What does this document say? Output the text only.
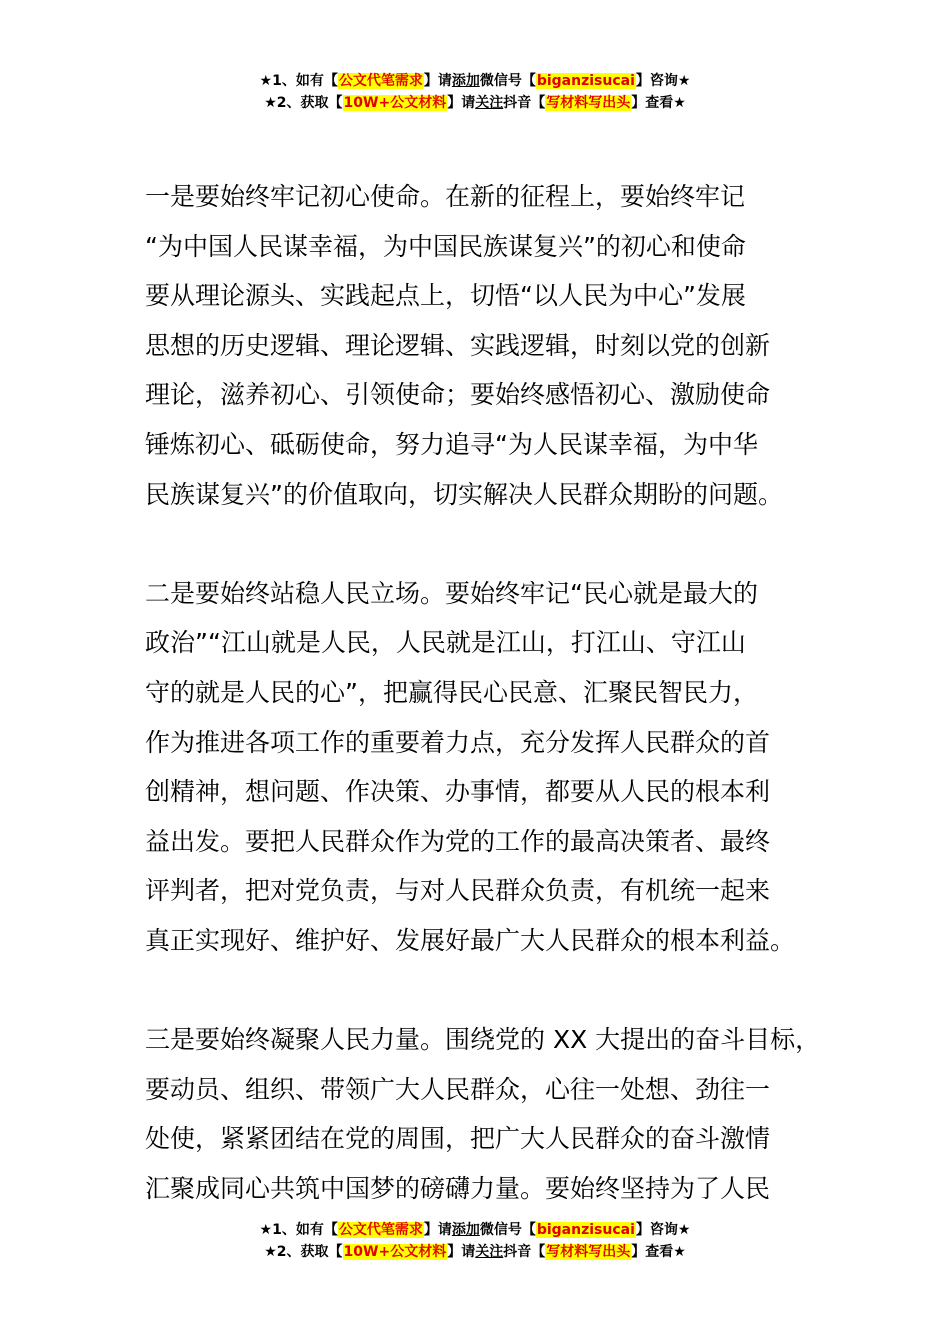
★1、如有【公文代笔需求】请添加微信号【biganzisucai】咨询★
★2、获取【10W+公文材料】请关注抖音【写材料写出头】查看★
一是要始终牢记初心使命。在新的征程上，要始终牢记
“为中国人民谋幸福，为中国民族谋复兴”的初心和使命
要从理论源头、实践起点上，切悟“以人民为中心”发展
思想的历史逻辑、理论逻辑、实践逻辑，时刻以党的创新
理论，滋养初心、引领使命；要始终感悟初心、激励使命
锤炼初心、砥砺使命，努力追寻“为人民谋幸福，为中华
民族谋复兴”的价值取向，切实解决人民群众期盼的问题。
二是要始终站稳人民立场。要始终牢记“民心就是最大的
政治”“江山就是人民，人民就是江山，打江山、守江山
守的就是人民的心”，把赢得民心民意、汇聚民智民力，
作为推进各项工作的重要着力点，充分发挥人民群众的首
创精神，想问题、作决策、办事情，都要从人民的根本利
益出发。要把人民群众作为党的工作的最高决策者、最终
评判者，把对党负责，与对人民群众负责，有机统一起来
真正实现好、维护好、发展好最广大人民群众的根本利益。
三是要始终凝聚人民力量。围绕党的 XX 大提出的奋斗目标，
要动员、组织、带领广大人民群众，心往一处想、劲往一
处使，紧紧团结在党的周围，把广大人民群众的奋斗激情
汇聚成同心共筑中国梦的磅礴力量。要始终坚持为了人民
★1、如有【公文代笔需求】请添加微信号【biganzisucai】咨询★
★2、获取【10W+公文材料】请关注抖音【写材料写出头】查看★
